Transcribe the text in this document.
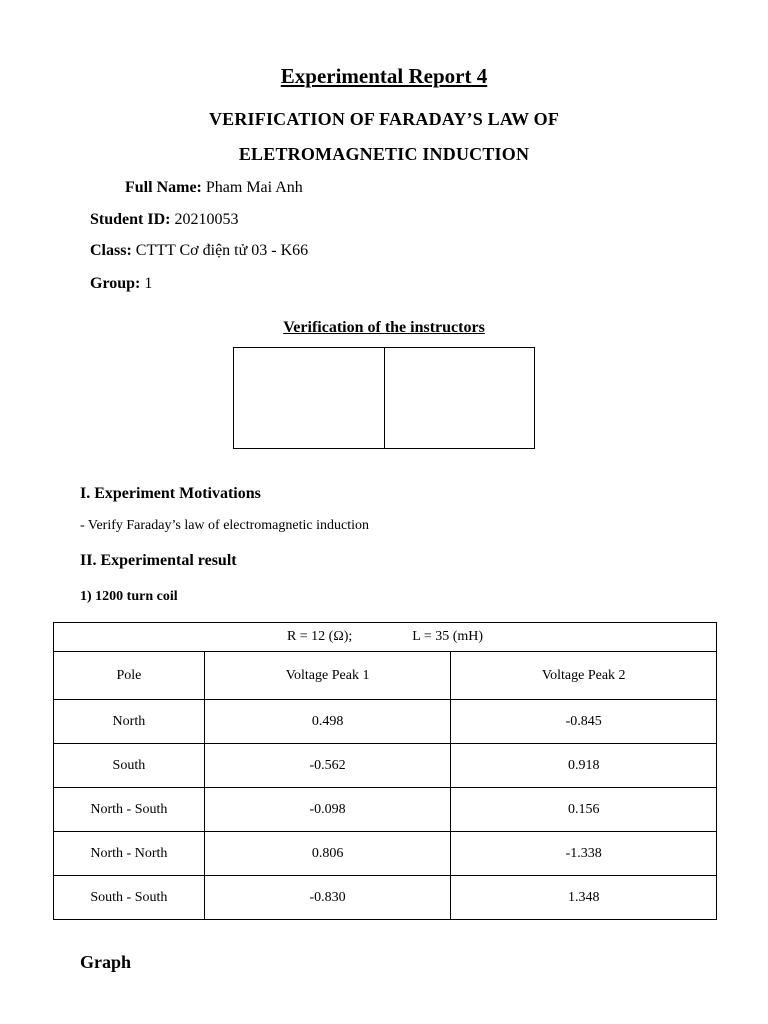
Experimental Report 4
VERIFICATION OF FARADAY’S LAW OF
ELETROMAGNETIC INDUCTION
Full Name: Pham Mai Anh
Student ID: 20210053
Class: CTTT Cơ điện tử 03 - K66
Group: 1
Verification of the instructors
I. Experiment Motivations
- Verify Faraday’s law of electromagnetic induction
II. Experimental result
1) 1200 turn coil
R = 12 (Ω); L = 35 (mH)		
Pole	Voltage Peak 1	Voltage Peak 2
North	0.498	-0.845
South	-0.562	0.918
North - South	-0.098	0.156
North - North	0.806	-1.338
South - South	-0.830	1.348
Graph
